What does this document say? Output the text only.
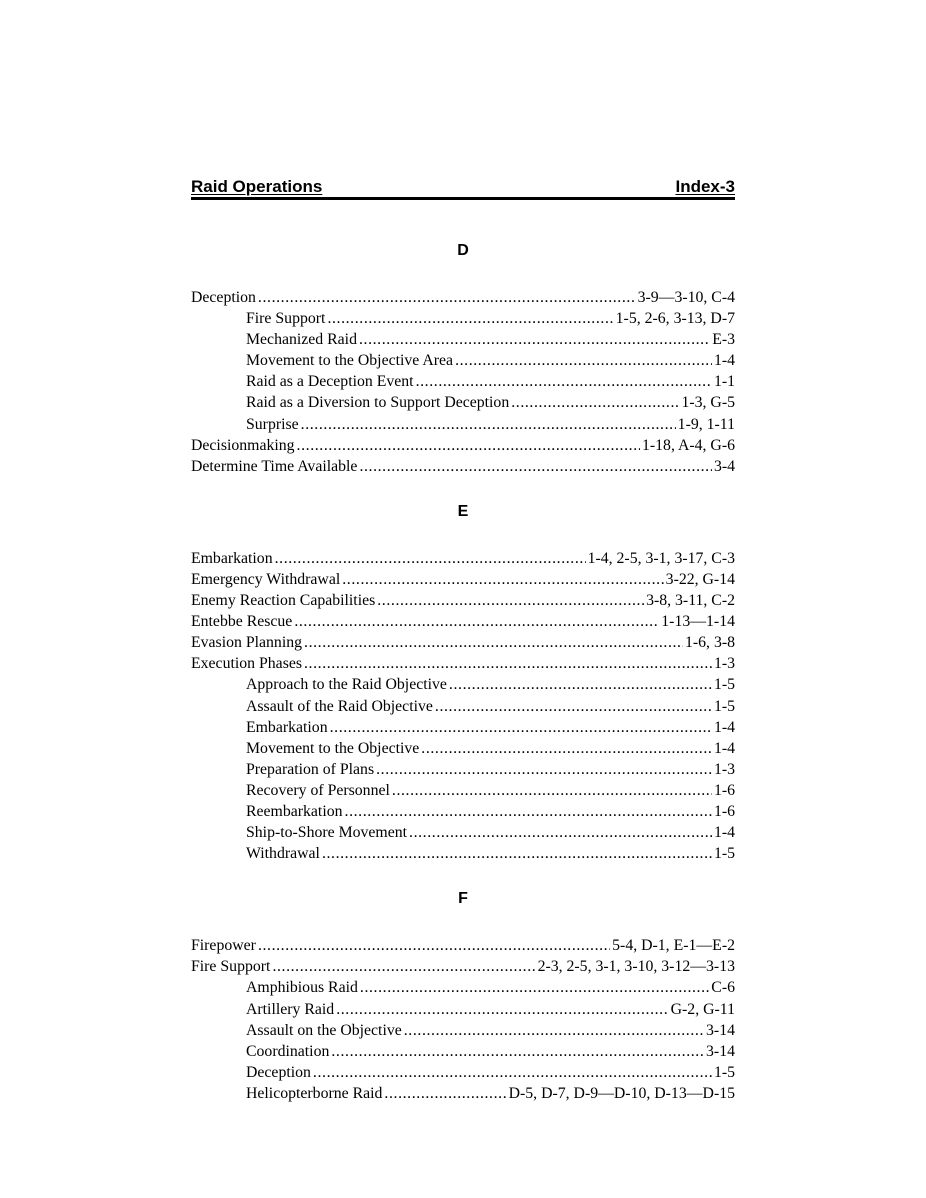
Raid Operations	Index-3
D
Deception .....	3-9—3-10, C-4
Fire Support .....	1-5, 2-6, 3-13, D-7
Mechanized Raid .....	E-3
Movement to the Objective Area .....	1-4
Raid as a Deception Event .....	1-1
Raid as a Diversion to Support Deception .....	1-3, G-5
Surprise .....	1-9, 1-11
Decisionmaking .....	1-18, A-4, G-6
Determine Time Available .....	3-4
E
Embarkation .....	1-4, 2-5, 3-1, 3-17, C-3
Emergency Withdrawal .....	3-22, G-14
Enemy Reaction Capabilities .....	3-8, 3-11, C-2
Entebbe Rescue .....	1-13—1-14
Evasion Planning .....	1-6, 3-8
Execution Phases .....	1-3
Approach to the Raid Objective .....	1-5
Assault of the Raid Objective .....	1-5
Embarkation .....	1-4
Movement to the Objective .....	1-4
Preparation of Plans .....	1-3
Recovery of Personnel .....	1-6
Reembarkation .....	1-6
Ship-to-Shore Movement .....	1-4
Withdrawal .....	1-5
F
Firepower .....	5-4, D-1, E-1—E-2
Fire Support .....	2-3, 2-5, 3-1, 3-10, 3-12—3-13
Amphibious Raid .....	C-6
Artillery Raid .....	G-2, G-11
Assault on the Objective .....	3-14
Coordination .....	3-14
Deception .....	1-5
Helicopterborne Raid .....	D-5, D-7, D-9—D-10, D-13—D-15
